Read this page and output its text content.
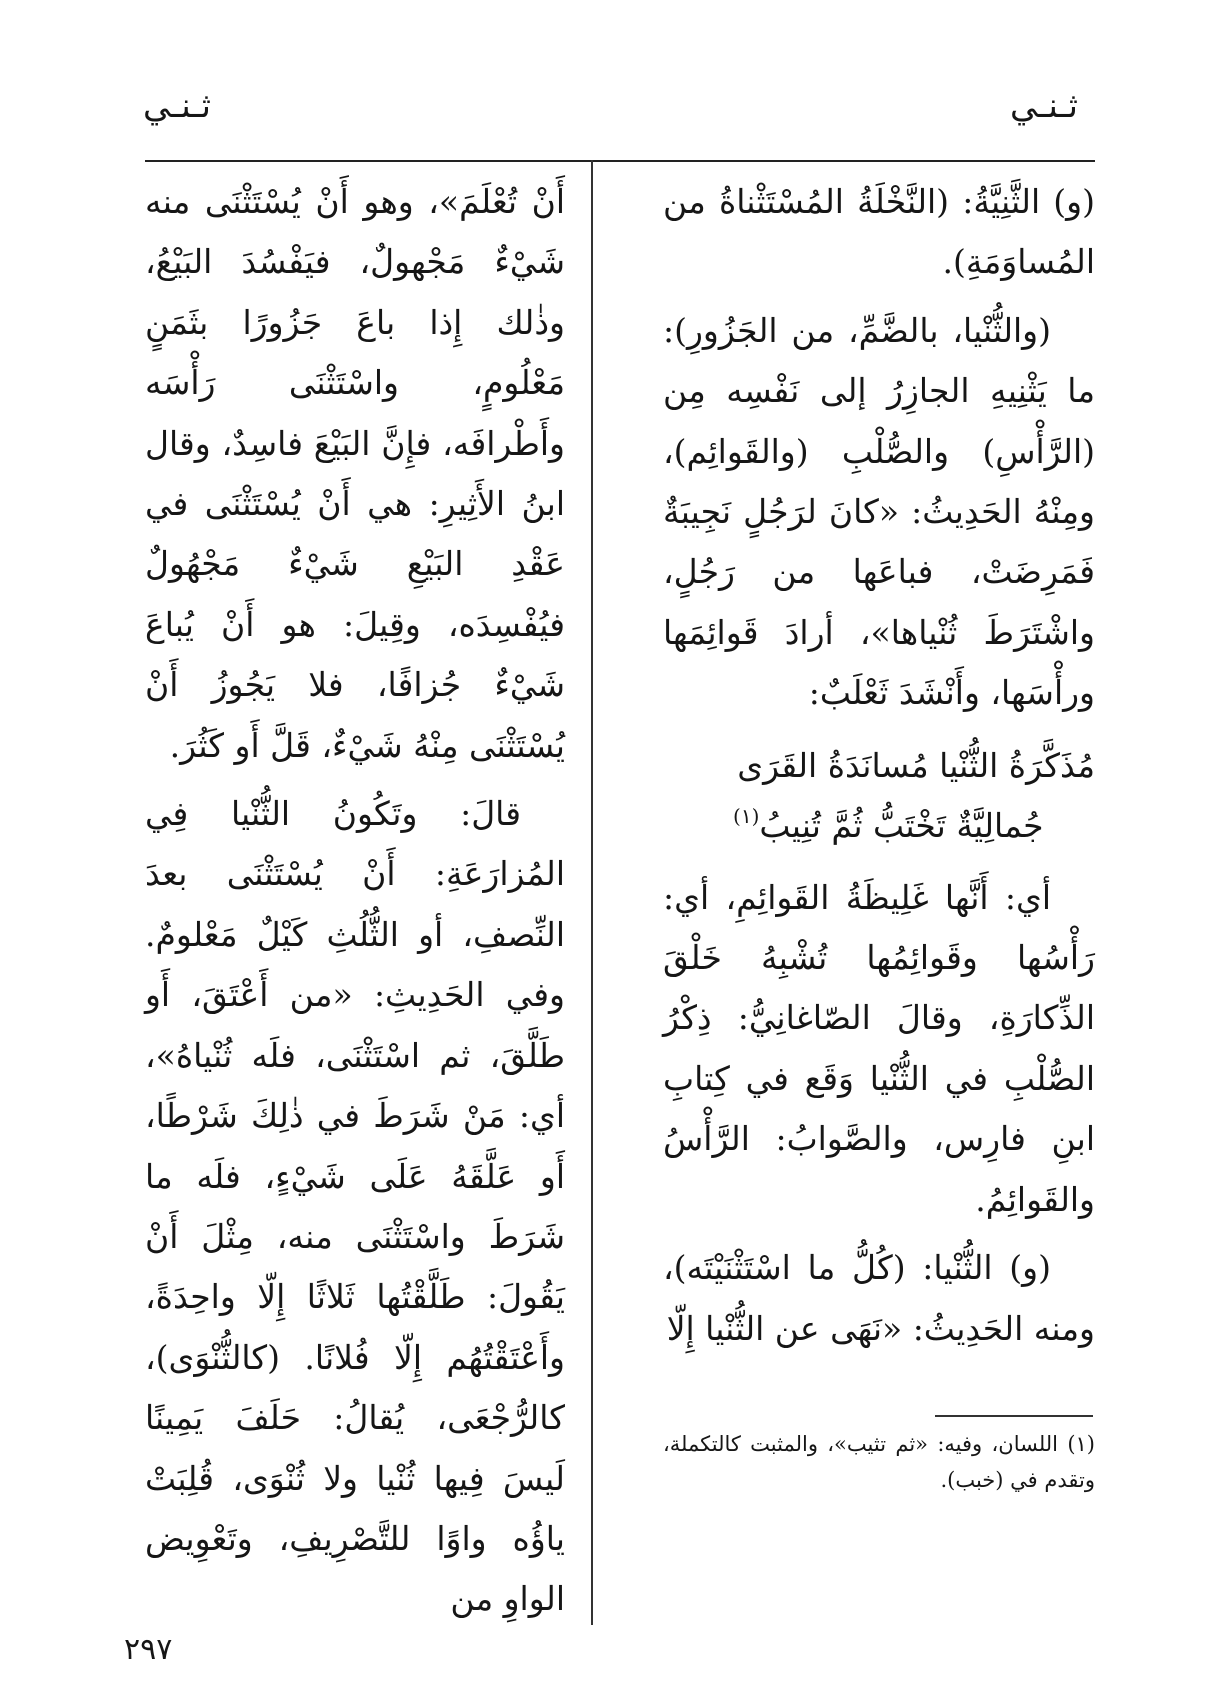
ثـنـي
ثـنـي

(و) الثَّنِيَّةُ: (النَّخْلَةُ المُسْتَثْناةُ من المُساوَمَةِ).

(والثُّنْيا، بالضَّمِّ، من الجَزُورِ): ما يَثْنِيهِ الجازِرُ إلى نَفْسِه مِن (الرَّأْسِ) والصُّلْبِ (والقَوائِم)، ومِنْهُ الحَدِيثُ: «كانَ لرَجُلٍ نَجِيبَةٌ فَمَرِضَتْ، فباعَها من رَجُلٍ، واشْتَرَطَ ثُنْياها»، أرادَ قَوائِمَها ورأْسَها، وأَنْشَدَ ثَعْلَبٌ:

مُذَكَّرَةُ الثُّنْيا مُسانَدَةُ القَرَى
جُمالِيَّةٌ تَخْتَبُّ ثُمَّ تُنِيبُ$^{(١)}$

أي: أَنَّها غَلِيظَةُ القَوائِمِ، أي: رَأْسُها وقَوائِمُها تُشْبِهُ خَلْقَ الذِّكارَةِ، وقالَ الصّاغانِيُّ: ذِكْرُ الصُّلْبِ في الثُّنْيا وَقَع في كِتابِ ابنِ فارِس، والصَّوابُ: الرَّأْسُ والقَوائِمُ.

(و) الثُّنْيا: (كُلُّ ما اسْتَثْنَيْتَه)، ومنه الحَدِيثُ: «نَهَى عن الثُّنْيا إِلّا

أَنْ تُعْلَمَ»، وهو أَنْ يُسْتَثْنَى منه شَيْءٌ مَجْهولٌ، فيَفْسُدَ البَيْعُ، وذٰلك إِذا باعَ جَزُورًا بثَمَنٍ مَعْلُومٍ، واسْتَثْنَى رَأْسَه وأَطْرافَه، فإِنَّ البَيْعَ فاسِدٌ، وقال ابنُ الأَثِيرِ: هي أَنْ يُسْتَثْنَى في عَقْدِ البَيْعِ شَيْءٌ مَجْهُولٌ فيُفْسِدَه، وقِيلَ: هو أَنْ يُباعَ شَيْءٌ جُزافًا، فلا يَجُوزُ أَنْ يُسْتَثْنَى مِنْهُ شَيْءٌ، قَلَّ أَو كَثُرَ.

قالَ: وتَكُونُ الثُّنْيا فِي المُزارَعَةِ: أَنْ يُسْتَثْنَى بعدَ النِّصفِ، أو الثُّلُثِ كَيْلٌ مَعْلومٌ. وفي الحَدِيثِ: «من أَعْتَقَ، أَو طَلَّقَ، ثم اسْتَثْنَى، فلَه ثُنْياهُ»، أي: مَنْ شَرَطَ في ذٰلِكَ شَرْطًا، أَو عَلَّقَهُ عَلَى شَيْءٍ، فلَه ما شَرَطَ واسْتَثْنَى منه، مِثْلَ أَنْ يَقُولَ: طَلَّقْتُها ثَلاثًا إِلّا واحِدَةً، وأَعْتَقْتُهُم إِلّا فُلانًا. (كالثُّنْوَى)، كالرُّجْعَى، يُقالُ: حَلَفَ يَمِينًا لَيسَ فِيها ثُنْيا ولا ثُنْوَى، قُلِبَتْ ياؤُه واوًا للتَّصْرِيفِ، وتَعْوِيض الواوِ من

(١) اللسان، وفيه: «ثم تثيب»، والمثبت كالتكملة، وتقدم في (خبب).
٢٩٧
